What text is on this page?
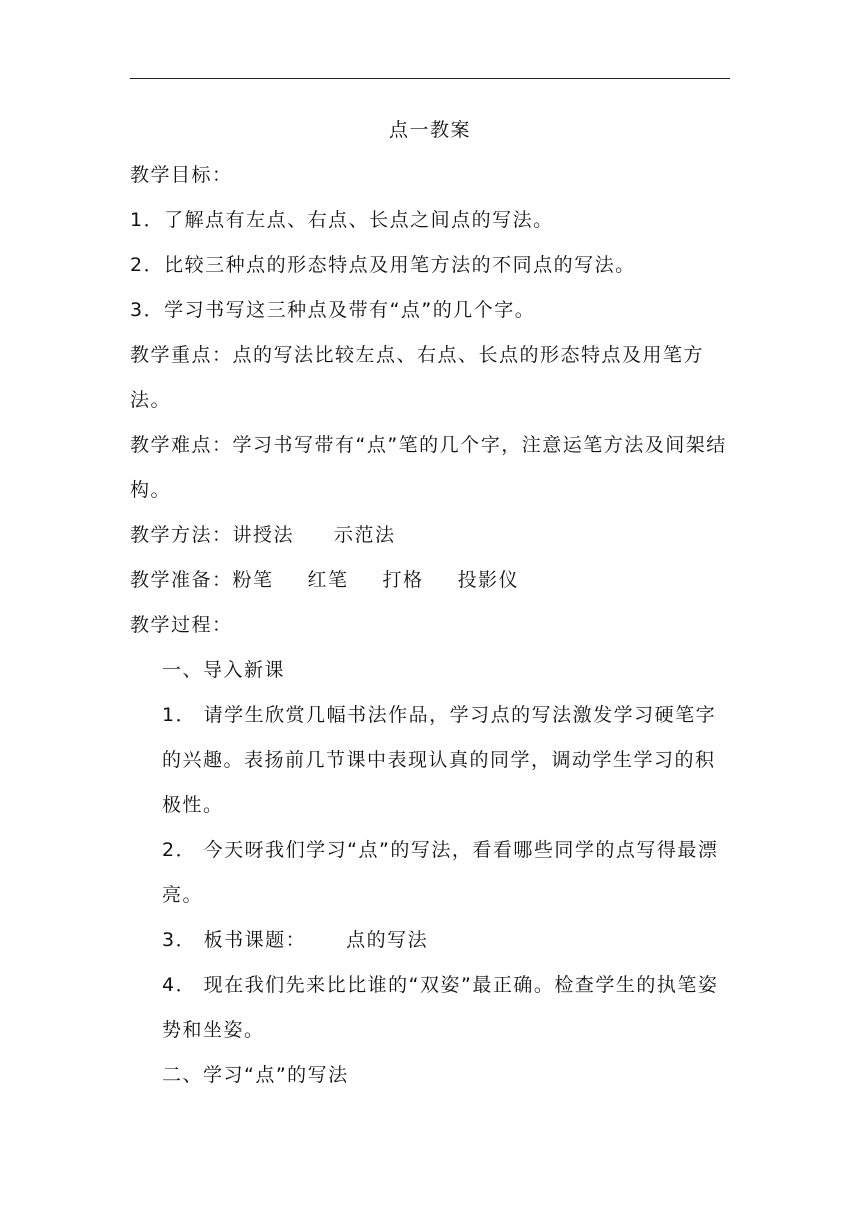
点一教案

教学目标：

1．了解点有左点、右点、长点之间点的写法。

2．比较三种点的形态特点及用笔方法的不同点的写法。

3．学习书写这三种点及带有“点”的几个字。

教学重点：点的写法比较左点、右点、长点的形态特点及用笔方法。

教学难点：学习书写带有“点”笔的几个字，注意运笔方法及间架结构。

教学方法：讲授法 示范法

教学准备：粉笔 红笔 打格 投影仪

教学过程：

一、导入新课

1． 请学生欣赏几幅书法作品，学习点的写法激发学习硬笔字的兴趣。表扬前几节课中表现认真的同学，调动学生学习的积极性。

2． 今天呀我们学习“点”的写法，看看哪些同学的点写得最漂亮。

3． 板书课题： 点的写法

4． 现在我们先来比比谁的“双姿”最正确。检查学生的执笔姿势和坐姿。

二、学习“点”的写法
